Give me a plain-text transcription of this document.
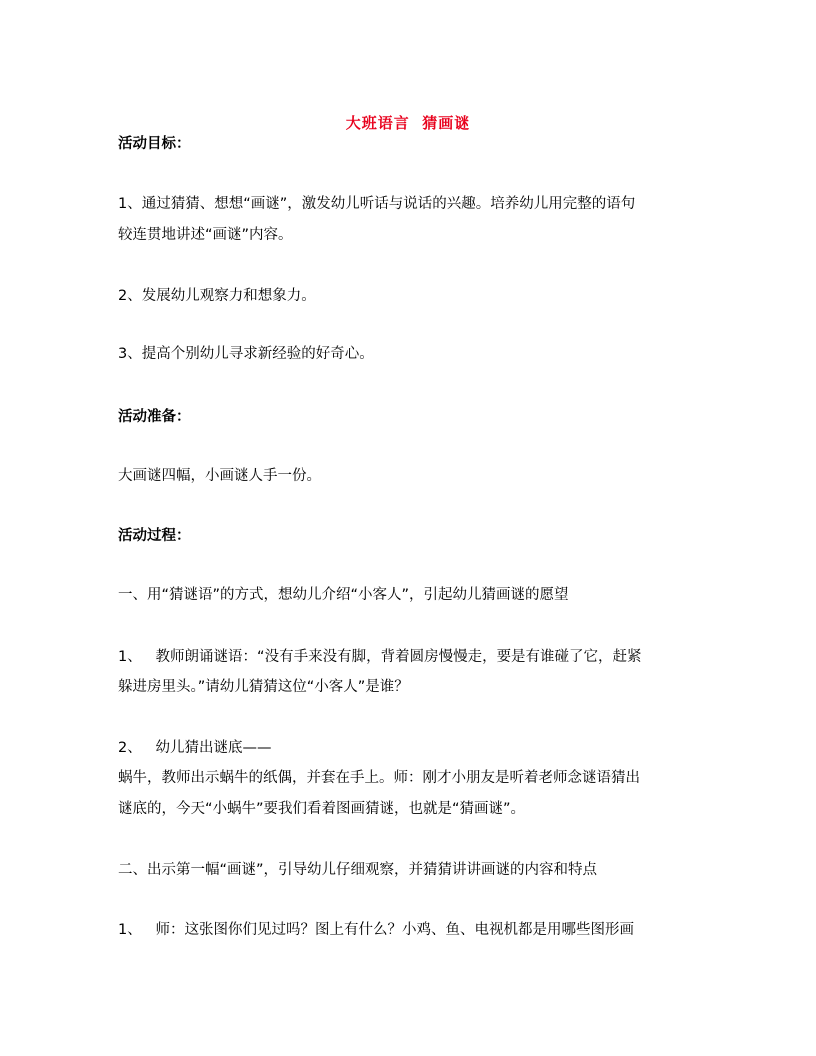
大班语言  猜画谜
活动目标：
1、通过猜猜、想想“画谜”，激发幼儿听话与说话的兴趣。培养幼儿用完整的语句
较连贯地讲述“画谜”内容。
2、发展幼儿观察力和想象力。
3、提高个别幼儿寻求新经验的好奇心。
活动准备：
大画谜四幅，小画谜人手一份。
活动过程：
一、用“猜谜语”的方式，想幼儿介绍“小客人”，引起幼儿猜画谜的愿望
1、   教师朗诵谜语：“没有手来没有脚，背着圆房慢慢走，要是有谁碰了它，赶紧
躲进房里头。”请幼儿猜猜这位“小客人”是谁？
2、   幼儿猜出谜底——
蜗牛，教师出示蜗牛的纸偶，并套在手上。师：刚才小朋友是听着老师念谜语猜出
谜底的，今天“小蜗牛”要我们看着图画猜谜，也就是“猜画谜”。
二、出示第一幅“画谜”，引导幼儿仔细观察，并猜猜讲讲画谜的内容和特点
1、   师：这张图你们见过吗？图上有什么？小鸡、鱼、电视机都是用哪些图形画
